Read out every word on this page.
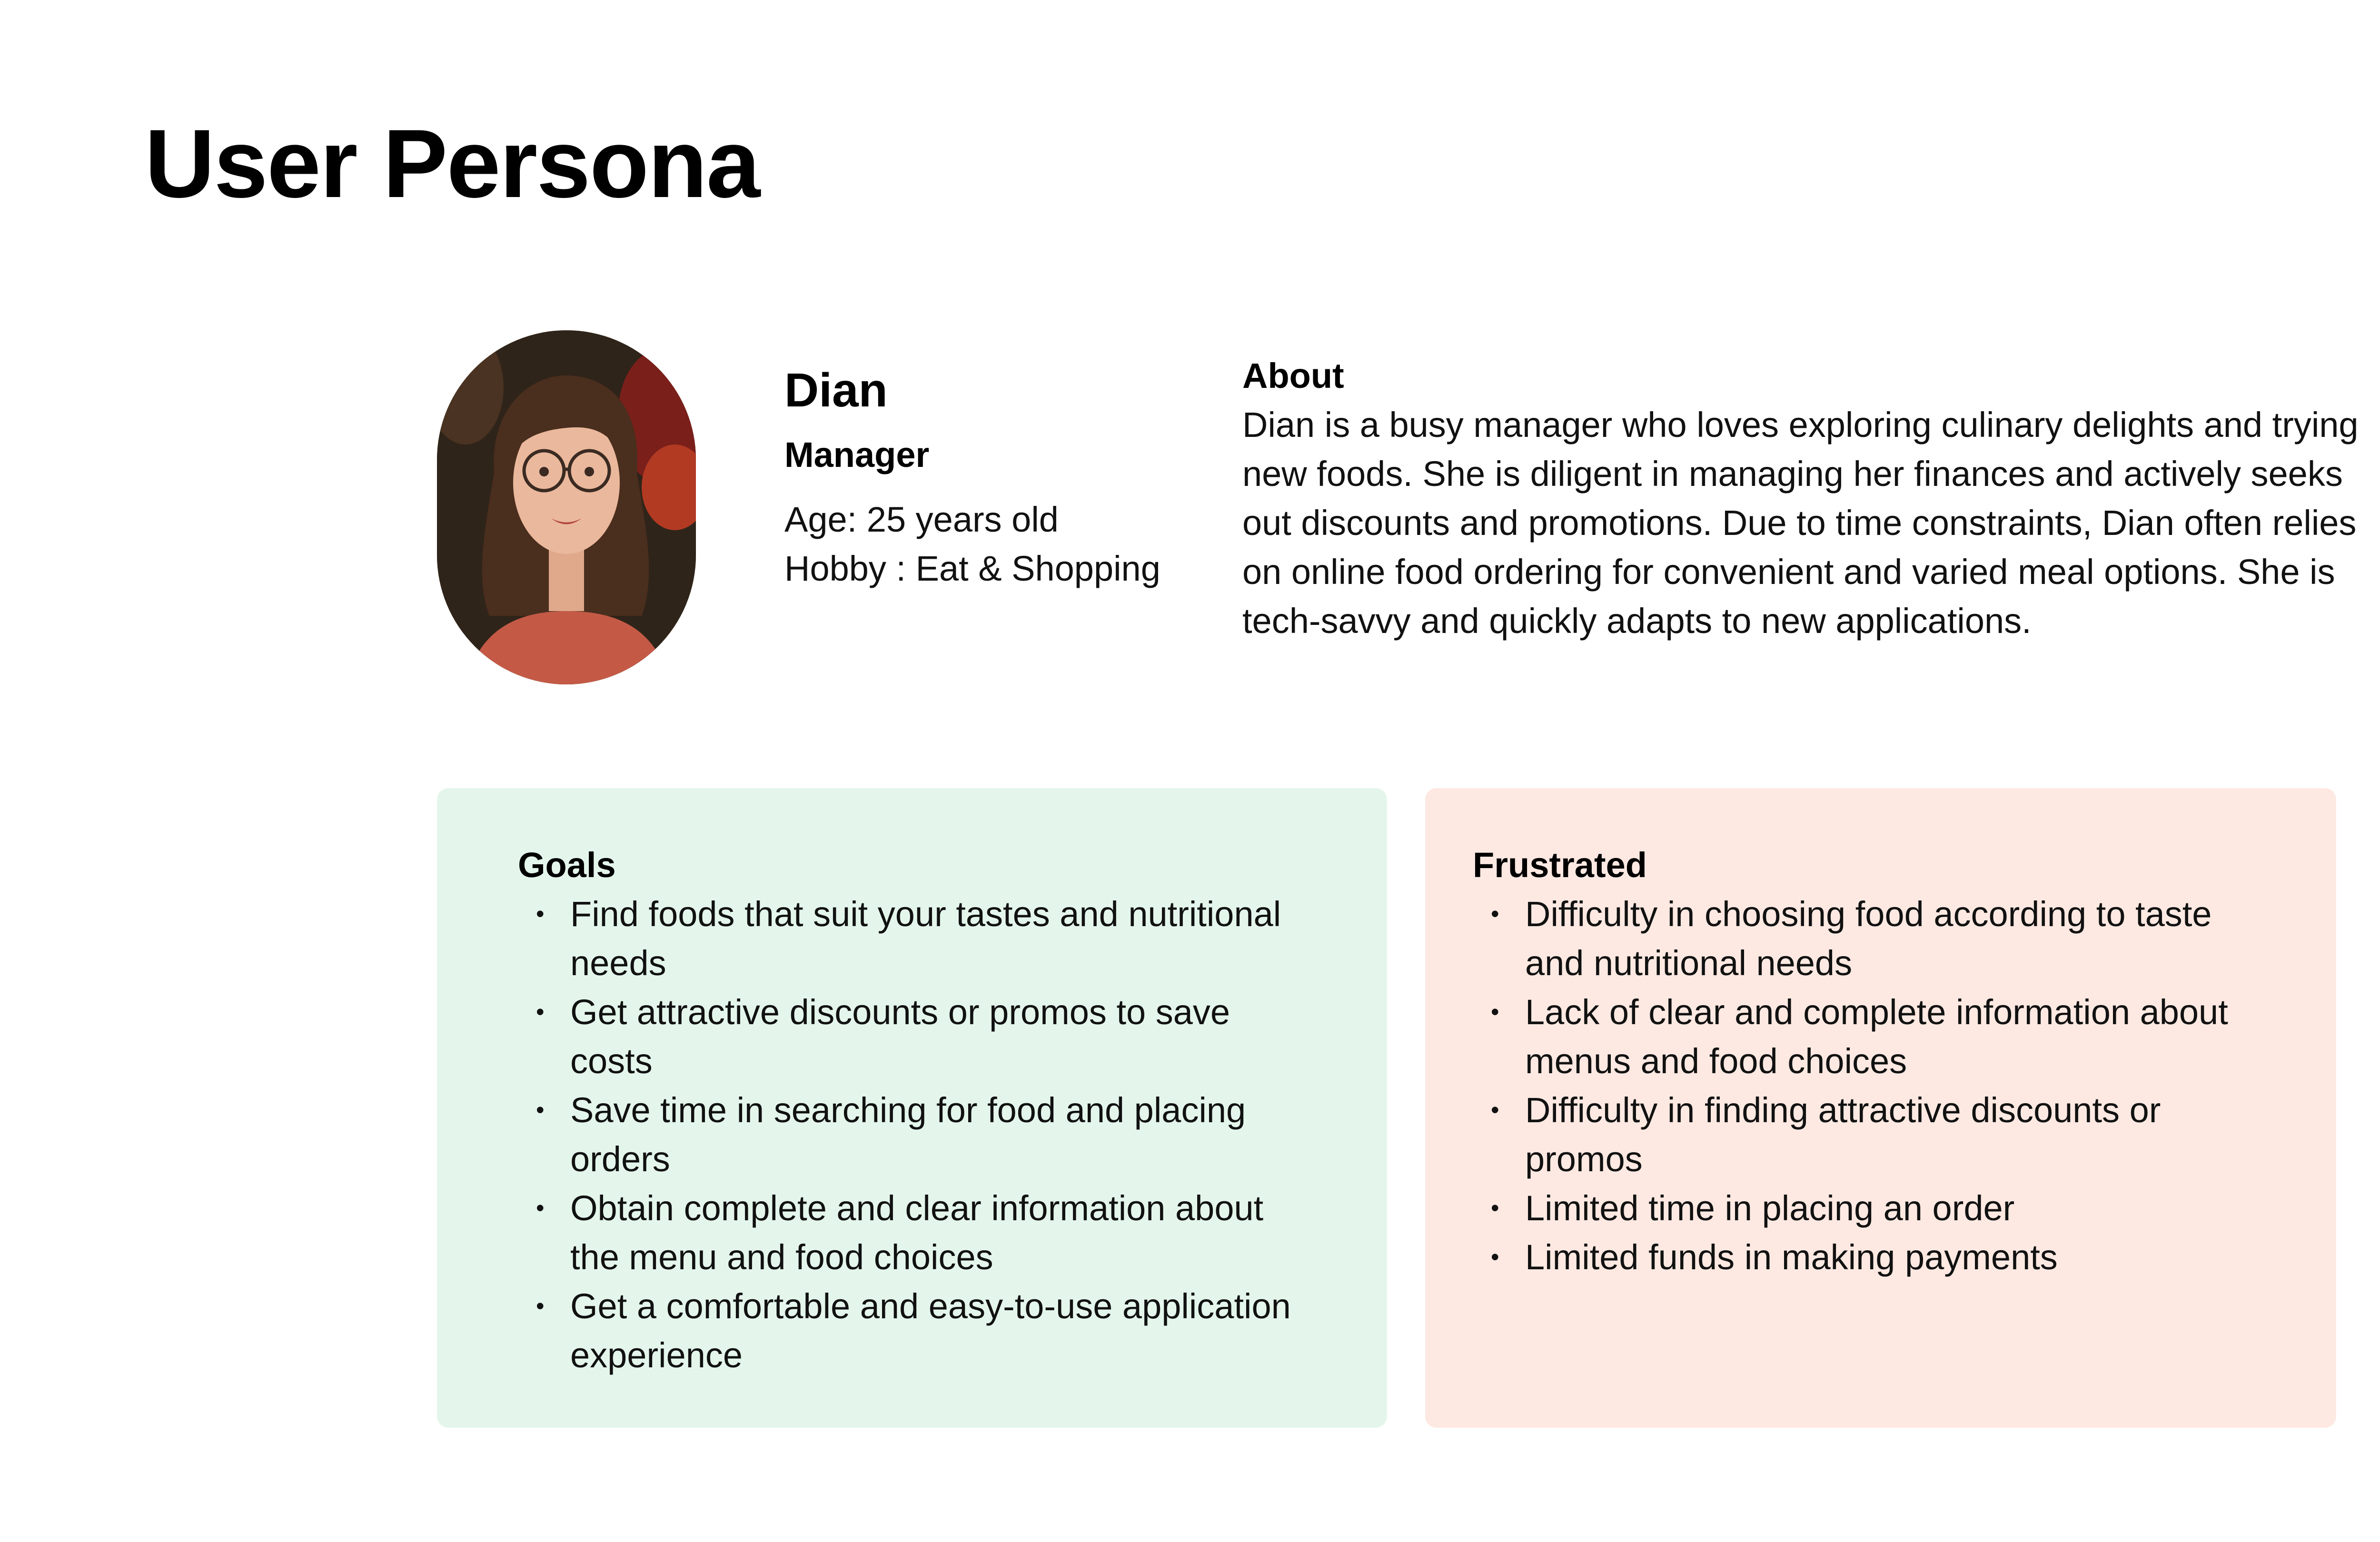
User Persona

Dian

Manager

Age: 25 years old

Hobby : Eat & Shopping

About

Dian is a busy manager who loves exploring culinary delights and trying new foods. She is diligent in managing her finances and actively seeks out discounts and promotions. Due to time constraints, Dian often relies on online food ordering for convenient and varied meal options. She is tech-savvy and quickly adapts to new applications.

Goals

• Find foods that suit your tastes and nutritional needs
• Get attractive discounts or promos to save costs
• Save time in searching for food and placing orders
• Obtain complete and clear information about the menu and food choices
• Get a comfortable and easy-to-use application experience

Frustrated

• Difficulty in choosing food according to taste and nutritional needs
• Lack of clear and complete information about menus and food choices
• Difficulty in finding attractive discounts or promos
• Limited time in placing an order
• Limited funds in making payments
